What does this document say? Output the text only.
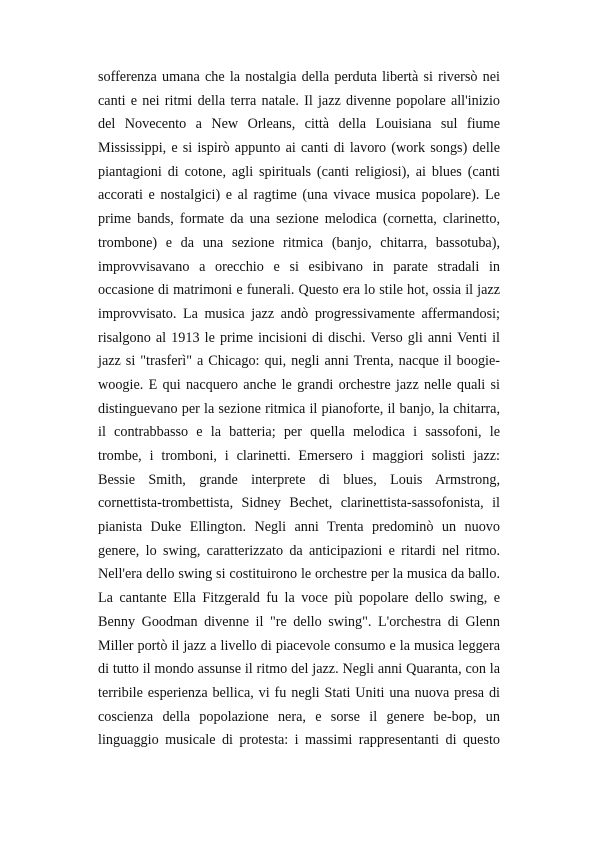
sofferenza umana che la nostalgia della perduta libertà si riversò nei
canti e nei ritmi della terra natale. Il jazz divenne popolare all'inizio
del Novecento a New Orleans, città della Louisiana sul fiume
Mississippi, e si ispirò appunto ai canti di lavoro (work songs) delle
piantagioni di cotone, agli spirituals (canti religiosi), ai blues (canti
accorati e nostalgici) e al ragtime (una vivace musica popolare). Le
prime bands, formate da una sezione melodica (cornetta, clarinetto,
trombone) e da una sezione ritmica (banjo, chitarra, bassotuba),
improvvisavano a orecchio e si esibivano in parate stradali in
occasione di matrimoni e funerali. Questo era lo stile hot, ossia il jazz
improvvisato. La musica jazz andò progressivamente affermandosi;
risalgono al 1913 le prime incisioni di dischi. Verso gli anni Venti il
jazz si "trasferì" a Chicago: qui, negli anni Trenta, nacque il boogie-
woogie. E qui nacquero anche le grandi orchestre jazz nelle quali si
distinguevano per la sezione ritmica il pianoforte, il banjo, la chitarra,
il contrabbasso e la batteria; per quella melodica i sassofoni, le
trombe, i tromboni, i clarinetti. Emersero i maggiori solisti jazz:
Bessie Smith, grande interprete di blues, Louis Armstrong,
cornettista-trombettista, Sidney Bechet, clarinettista-sassofonista, il
pianista Duke Ellington. Negli anni Trenta predominò un nuovo
genere, lo swing, caratterizzato da anticipazioni e ritardi nel ritmo.
Nell'era dello swing si costituirono le orchestre per la musica da ballo.
La cantante Ella Fitzgerald fu la voce più popolare dello swing, e
Benny Goodman divenne il "re dello swing". L'orchestra di Glenn
Miller portò il jazz a livello di piacevole consumo e la musica leggera
di tutto il mondo assunse il ritmo del jazz. Negli anni Quaranta, con la
terribile esperienza bellica, vi fu negli Stati Uniti una nuova presa di
coscienza della popolazione nera, e sorse il genere be-bop, un
linguaggio musicale di protesta: i massimi rappresentanti di questo
